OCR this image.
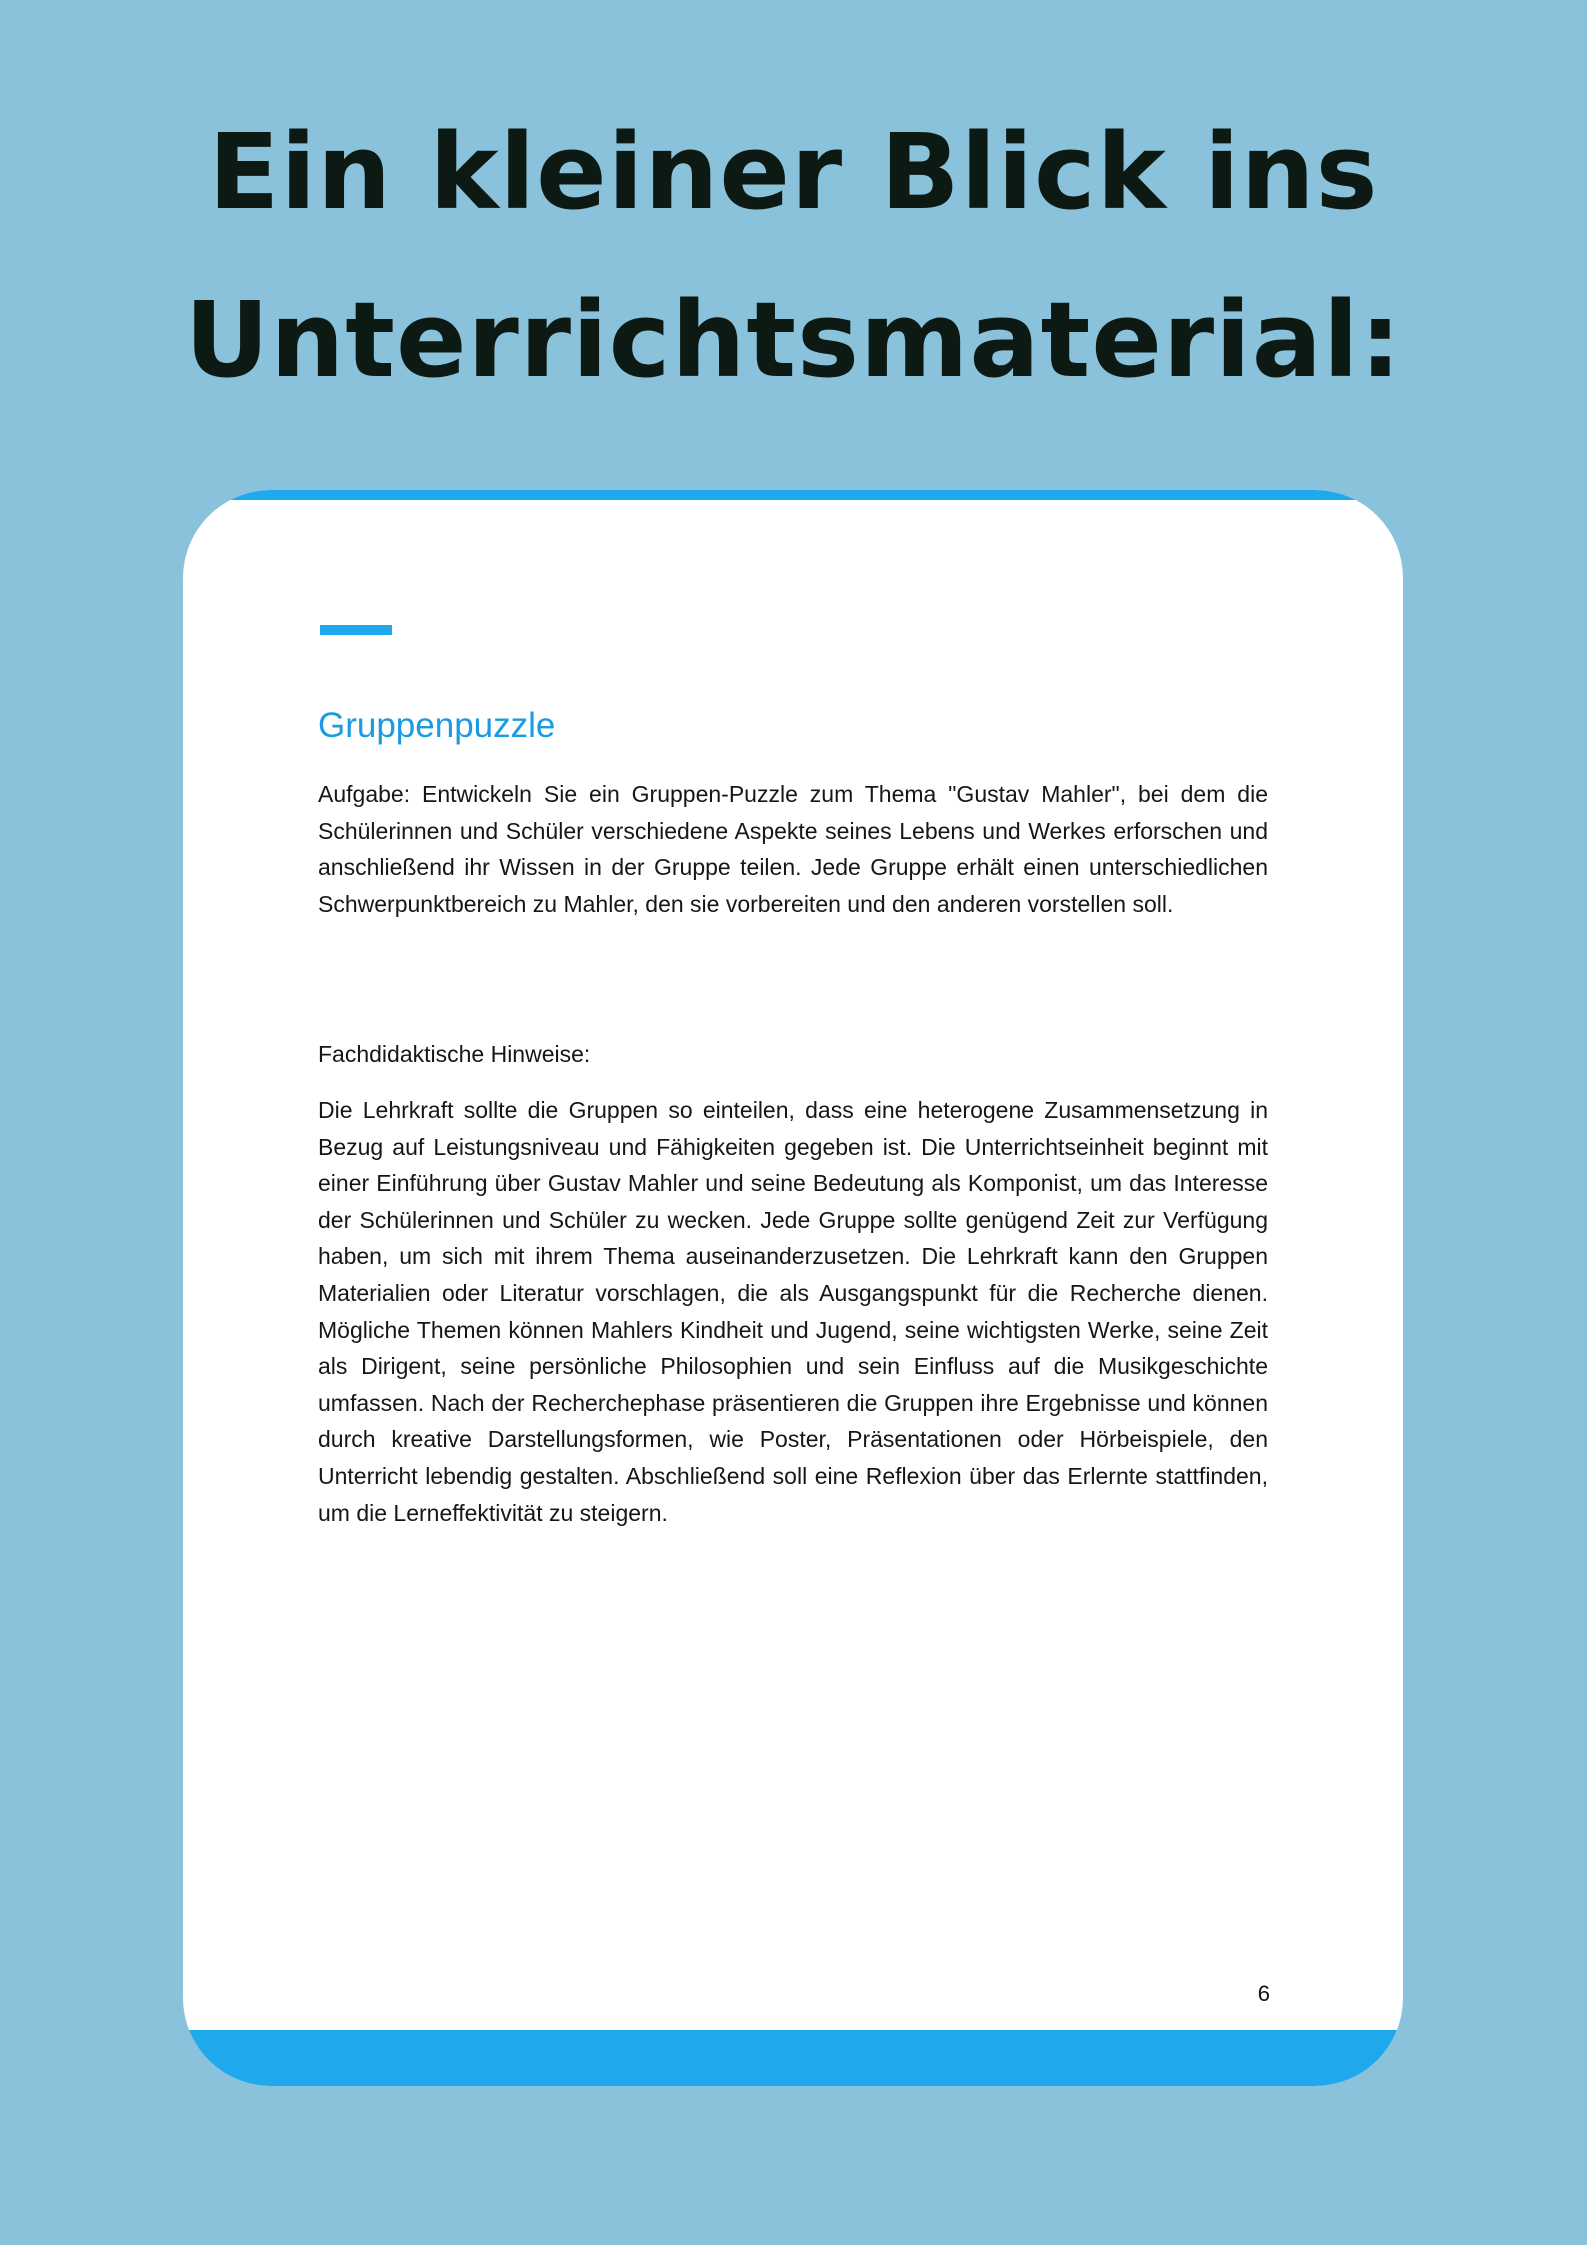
Ein kleiner Blick ins
Unterrichtsmaterial:
Gruppenpuzzle

Aufgabe: Entwickeln Sie ein Gruppen-Puzzle zum Thema "Gustav Mahler", bei dem die Schülerinnen und Schüler verschiedene Aspekte seines Lebens und Werkes erforschen und anschließend ihr Wissen in der Gruppe teilen. Jede Gruppe erhält einen unterschiedlichen Schwerpunktbereich zu Mahler, den sie vorbereiten und den anderen vorstellen soll.

Fachdidaktische Hinweise:

Die Lehrkraft sollte die Gruppen so einteilen, dass eine heterogene Zusammensetzung in Bezug auf Leistungsniveau und Fähigkeiten gegeben ist. Die Unterrichtseinheit beginnt mit einer Einführung über Gustav Mahler und seine Bedeutung als Komponist, um das Interesse der Schülerinnen und Schüler zu wecken. Jede Gruppe sollte genügend Zeit zur Verfügung haben, um sich mit ihrem Thema auseinanderzusetzen. Die Lehrkraft kann den Gruppen Materialien oder Literatur vorschlagen, die als Ausgangspunkt für die Recherche dienen. Mögliche Themen können Mahlers Kindheit und Jugend, seine wichtigsten Werke, seine Zeit als Dirigent, seine persönliche Philosophien und sein Einfluss auf die Musikgeschichte umfassen. Nach der Recherchephase präsentieren die Gruppen ihre Ergebnisse und können durch kreative Darstellungsformen, wie Poster, Präsentationen oder Hörbeispiele, den Unterricht lebendig gestalten. Abschließend soll eine Reflexion über das Erlernte stattfinden, um die Lerneffektivität zu steigern.

6
